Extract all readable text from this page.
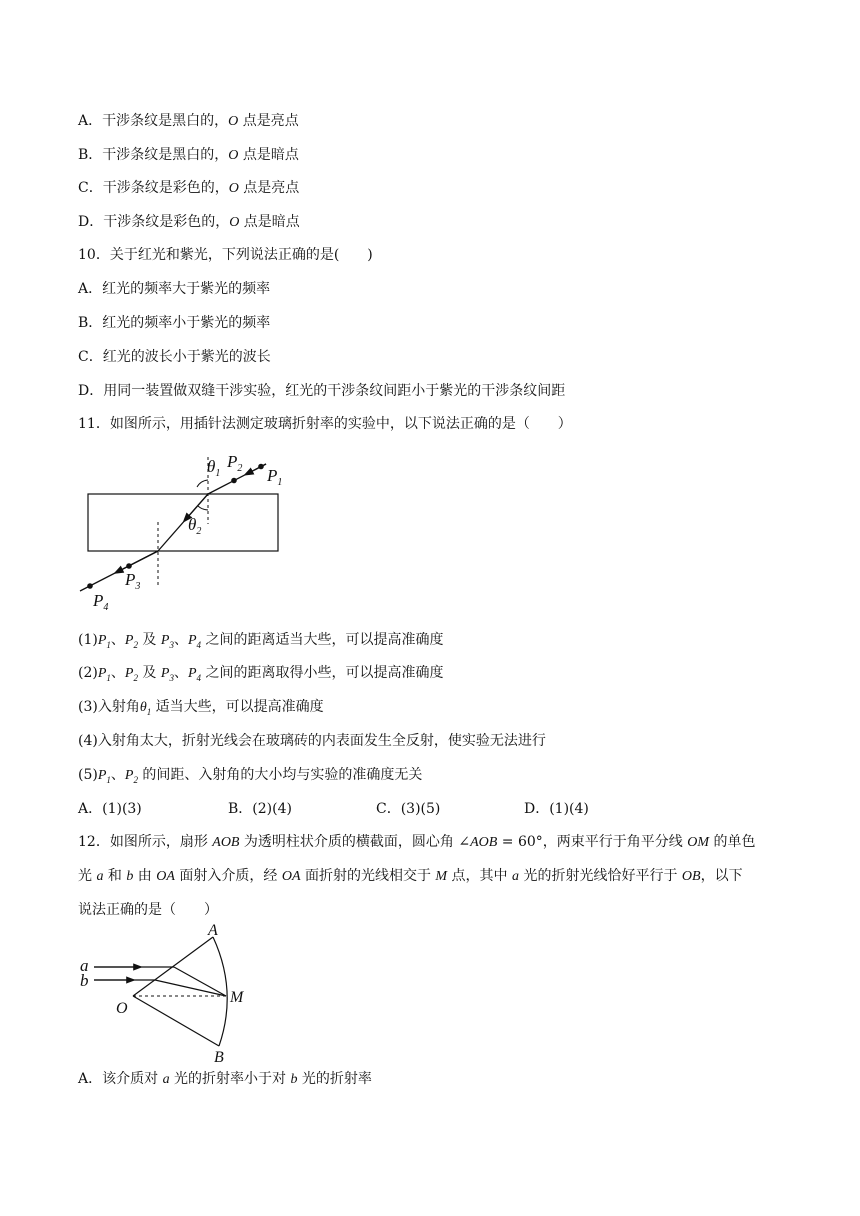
A．干涉条纹是黑白的，O 点是亮点
B．干涉条纹是黑白的，O 点是暗点
C．干涉条纹是彩色的，O 点是亮点
D．干涉条纹是彩色的，O 点是暗点
10．关于红光和紫光，下列说法正确的是(　　)
A．红光的频率大于紫光的频率
B．红光的频率小于紫光的频率
C．红光的波长小于紫光的波长
D．用同一装置做双缝干涉实验，红光的干涉条纹间距小于紫光的干涉条纹间距
11．如图所示，用插针法测定玻璃折射率的实验中，以下说法正确的是（　　）
$\theta_1$
$P_2$ $P_1$
$\theta_2$
$P_3$
$P_4$
$(1)P_1$、$P_2$ 及 $P_3$、$P_4$ 之间的距离适当大些，可以提高准确度
$(2)P_1$、$P_2$ 及 $P_3$、$P_4$ 之间的距离取得小些，可以提高准确度
(3)入射角$\theta_1$ 适当大些，可以提高准确度
(4)入射角太大，折射光线会在玻璃砖的内表面发生全反射，使实验无法进行
$(5)P_1$、$P_2$ 的间距、入射角的大小均与实验的准确度无关
A．(1)(3)	B．(2)(4)	C．(3)(5)	D．(1)(4)
12．如图所示，扇形 AOB 为透明柱状介质的横截面，圆心角 ∠AOB = 60°，两束平行于角平分线 OM 的单色
光 a 和 b 由 OA 面射入介质，经 OA 面折射的光线相交于 M 点，其中 a 光的折射光线恰好平行于 OB，以下
说法正确的是（　　）
a
b
A
O
M
B
A．该介质对 a 光的折射率小于对 b 光的折射率
